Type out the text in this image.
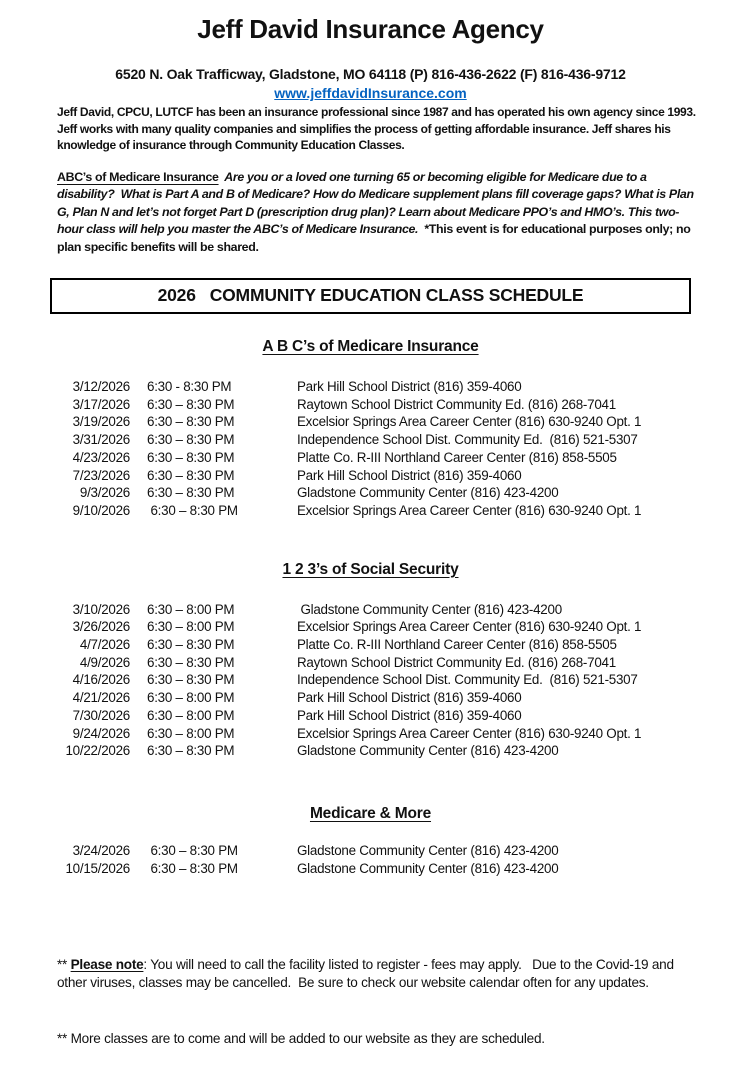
Jeff David Insurance Agency
6520 N. Oak Trafficway, Gladstone, MO 64118 (P) 816-436-2622 (F) 816-436-9712
www.jeffdavidInsurance.com
Jeff David, CPCU, LUTCF has been an insurance professional since 1987 and has operated his own agency since 1993. Jeff works with many quality companies and simplifies the process of getting affordable insurance. Jeff shares his knowledge of insurance through Community Education Classes.
ABC’s of Medicare Insurance  Are you or a loved one turning 65 or becoming eligible for Medicare due to a disability?  What is Part A and B of Medicare? How do Medicare supplement plans fill coverage gaps? What is Plan G, Plan N and let’s not forget Part D (prescription drug plan)? Learn about Medicare PPO’s and HMO’s. This two-hour class will help you master the ABC’s of Medicare Insurance.  *This event is for educational purposes only; no plan specific benefits will be shared.
2026   COMMUNITY EDUCATION CLASS SCHEDULE
A B C’s of Medicare Insurance
3/12/2026	6:30 - 8:30 PM	Park Hill School District (816) 359-4060
3/17/2026	6:30 – 8:30 PM	Raytown School District Community Ed. (816) 268-7041
3/19/2026	6:30 – 8:30 PM	Excelsior Springs Area Career Center (816) 630-9240 Opt. 1
3/31/2026	6:30 – 8:30 PM	Independence School Dist. Community Ed.  (816) 521-5307
4/23/2026	6:30 – 8:30 PM	Platte Co. R-III Northland Career Center (816) 858-5505
7/23/2026	6:30 – 8:30 PM	Park Hill School District (816) 359-4060
9/3/2026	6:30 – 8:30 PM	Gladstone Community Center (816) 423-4200
9/10/2026	6:30 – 8:30 PM	Excelsior Springs Area Career Center (816) 630-9240 Opt. 1
1 2 3’s of Social Security
3/10/2026	6:30 – 8:00 PM	Gladstone Community Center (816) 423-4200
3/26/2026	6:30 – 8:00 PM	Excelsior Springs Area Career Center (816) 630-9240 Opt. 1
4/7/2026	6:30 – 8:30 PM	Platte Co. R-III Northland Career Center (816) 858-5505
4/9/2026	6:30 – 8:30 PM	Raytown School District Community Ed. (816) 268-7041
4/16/2026	6:30 – 8:30 PM	Independence School Dist. Community Ed.  (816) 521-5307
4/21/2026	6:30 – 8:00 PM	Park Hill School District (816) 359-4060
7/30/2026	6:30 – 8:00 PM	Park Hill School District (816) 359-4060
9/24/2026	6:30 – 8:00 PM	Excelsior Springs Area Career Center (816) 630-9240 Opt. 1
10/22/2026	6:30 – 8:30 PM	Gladstone Community Center (816) 423-4200
Medicare & More
3/24/2026	6:30 – 8:30 PM	Gladstone Community Center (816) 423-4200
10/15/2026	6:30 – 8:30 PM	Gladstone Community Center (816) 423-4200

** Please note: You will need to call the facility listed to register - fees may apply.   Due to the Covid-19 and other viruses, classes may be cancelled.  Be sure to check our website calendar often for any updates.

** More classes are to come and will be added to our website as they are scheduled.
